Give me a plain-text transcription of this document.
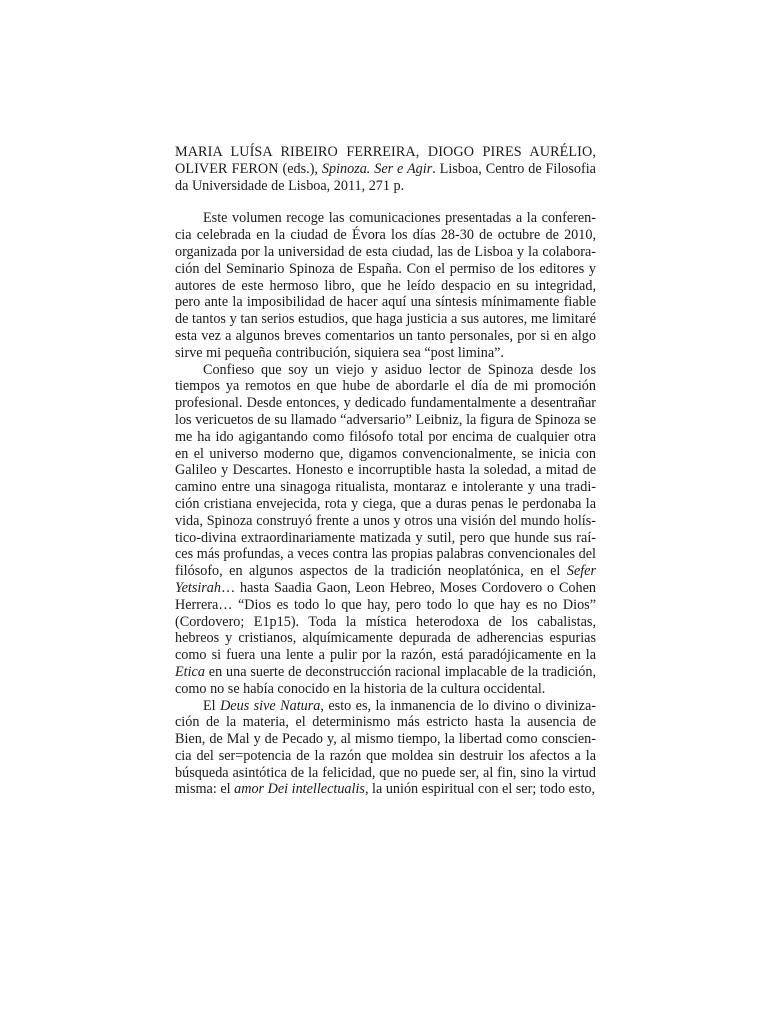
MARIA LUÍSA RIBEIRO FERREIRA, DIOGO PIRES AURÉLIO, OLIVER FERON (eds.), Spinoza. Ser e Agir. Lisboa, Centro de Filosofia da Universidade de Lisboa, 2011, 271 p.

Este volumen recoge las comunicaciones presentadas a la conferencia celebrada en la ciudad de Évora los días 28-30 de octubre de 2010, organizada por la universidad de esta ciudad, las de Lisboa y la colaboración del Seminario Spinoza de España. Con el permiso de los editores y autores de este hermoso libro, que he leído despacio en su integridad, pero ante la imposibilidad de hacer aquí una síntesis mínimamente fiable de tantos y tan serios estudios, que haga justicia a sus autores, me limitaré esta vez a algunos breves comentarios un tanto personales, por si en algo sirve mi pequeña contribución, siquiera sea “post limina”.

Confieso que soy un viejo y asiduo lector de Spinoza desde los tiempos ya remotos en que hube de abordarle el día de mi promoción profesional. Desde entonces, y dedicado fundamentalmente a desentrañar los vericuetos de su llamado “adversario” Leibniz, la figura de Spinoza se me ha ido agigantando como filósofo total por encima de cualquier otra en el universo moderno que, digamos convencionalmente, se inicia con Galileo y Descartes. Honesto e incorruptible hasta la soledad, a mitad de camino entre una sinagoga ritualista, montaraz e intolerante y una tradición cristiana envejecida, rota y ciega, que a duras penas le perdonaba la vida, Spinoza construyó frente a unos y otros una visión del mundo holístico-divina extraordinariamente matizada y sutil, pero que hunde sus raíces más profundas, a veces contra las propias palabras convencionales del filósofo, en algunos aspectos de la tradición neoplatónica, en el Sefer Yetsirah… hasta Saadia Gaon, Leon Hebreo, Moses Cordovero o Cohen Herrera… “Dios es todo lo que hay, pero todo lo que hay es no Dios” (Cordovero; E1p15). Toda la mística heterodoxa de los cabalistas, hebreos y cristianos, alquímicamente depurada de adherencias espurias como si fuera una lente a pulir por la razón, está paradójicamente en la Etica en una suerte de deconstrucción racional implacable de la tradición, como no se había conocido en la historia de la cultura occidental.

El Deus sive Natura, esto es, la inmanencia de lo divino o divinización de la materia, el determinismo más estricto hasta la ausencia de Bien, de Mal y de Pecado y, al mismo tiempo, la libertad como consciencia del ser=potencia de la razón que moldea sin destruir los afectos a la búsqueda asintótica de la felicidad, que no puede ser, al fin, sino la virtud misma: el amor Dei intellectualis, la unión espiritual con el ser; todo esto,
